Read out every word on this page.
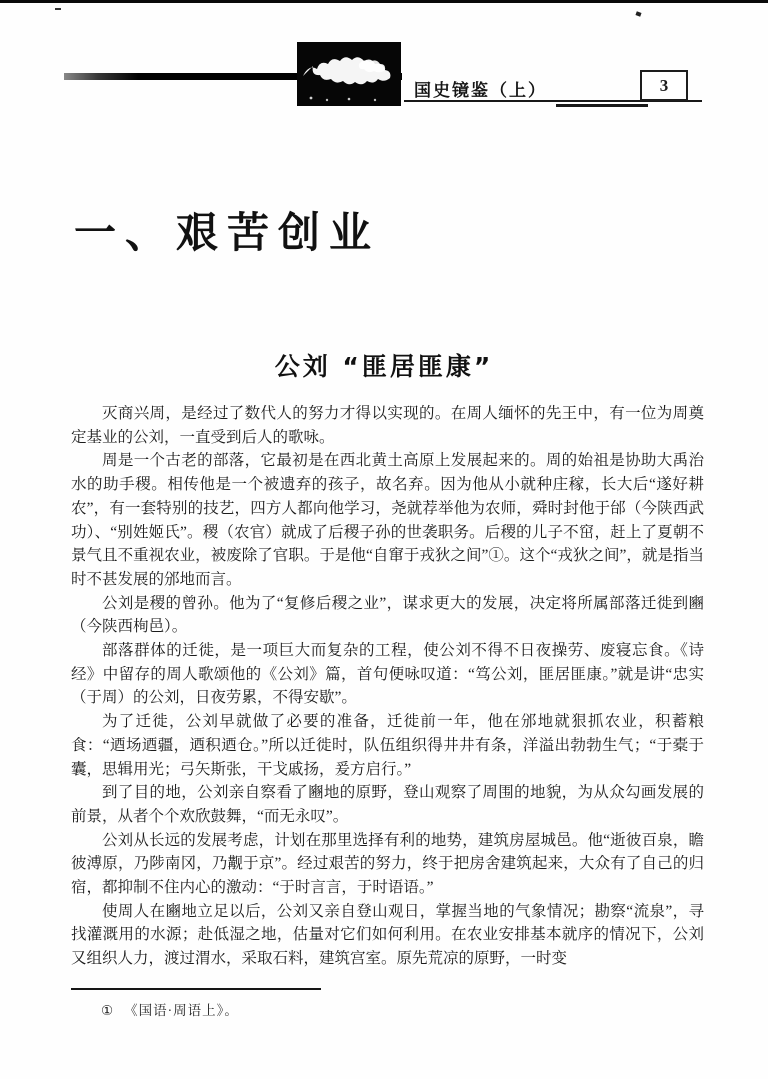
国史镜鉴（上）	3
一、艰苦创业
公刘 “匪居匪康”

灭商兴周，是经过了数代人的努力才得以实现的。在周人缅怀的先王中，有一位为周奠定基业的公刘，一直受到后人的歌咏。

周是一个古老的部落，它最初是在西北黄土高原上发展起来的。周的始祖是协助大禹治水的助手稷。相传他是一个被遗弃的孩子，故名弃。因为他从小就种庄稼，长大后“遂好耕农”，有一套特别的技艺，四方人都向他学习，尧就荐举他为农师，舜时封他于邰（今陕西武功）、“别姓姬氏”。稷（农官）就成了后稷子孙的世袭职务。后稷的儿子不窋，赶上了夏朝不景气且不重视农业，被废除了官职。于是他“自窜于戎狄之间”①。这个“戎狄之间”，就是指当时不甚发展的邠地而言。

公刘是稷的曾孙。他为了“复修后稷之业”，谋求更大的发展，决定将所属部落迁徙到豳（今陕西栒邑）。

部落群体的迁徙，是一项巨大而复杂的工程，使公刘不得不日夜操劳、废寝忘食。《诗经》中留存的周人歌颂他的《公刘》篇，首句便咏叹道：“笃公刘，匪居匪康。”就是讲“忠实（于周）的公刘，日夜劳累，不得安歇”。

为了迁徙，公刘早就做了必要的准备，迁徙前一年，他在邠地就狠抓农业，积蓄粮食：“迺场迺疆，迺积迺仓。”所以迁徙时，队伍组织得井井有条，洋溢出勃勃生气；“于橐于囊，思辑用光；弓矢斯张，干戈戚扬，爰方启行。”

到了目的地，公刘亲自察看了豳地的原野，登山观察了周围的地貌，为从众勾画发展的前景，从者个个欢欣鼓舞，“而无永叹”。

公刘从长远的发展考虑，计划在那里选择有利的地势，建筑房屋城邑。他“逝彼百泉，瞻彼溥原，乃陟南冈，乃觏于京”。经过艰苦的努力，终于把房舍建筑起来，大众有了自己的归宿，都抑制不住内心的激动：“于时言言，于时语语。”

使周人在豳地立足以后，公刘又亲自登山观日，掌握当地的气象情况；勘察“流泉”，寻找灌溉用的水源；赴低湿之地，估量对它们如何利用。在农业安排基本就序的情况下，公刘又组织人力，渡过渭水，采取石料，建筑宫室。原先荒凉的原野，一时变

① 《国语·周语上》。
